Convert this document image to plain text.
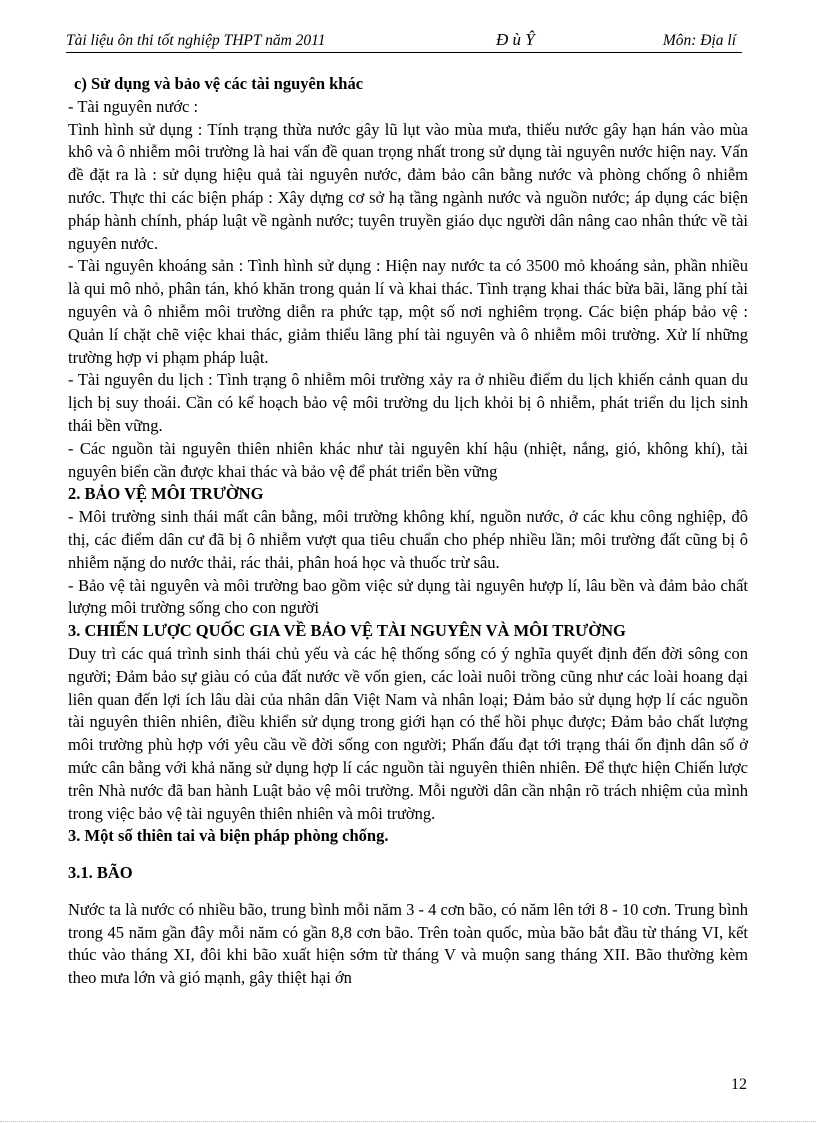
Tài liệu ôn thi tốt nghiệp THPT năm 2011	Đ ù Ŷ	Môn: Địa lí

c) Sử dụng và bảo vệ các tài nguyên khác

- Tài nguyên nước :

Tình hình sử dụng : Tính trạng thừa nước gây lũ lụt vào mùa mưa, thiếu nước gây hạn hán vào mùa khô và ô nhiễm môi trường là hai vấn đề quan trọng nhất trong sử dụng tài nguyên nước hiện nay. Vấn đề đặt ra là : sử dụng hiệu quả tài nguyên nước, đảm bảo cân bằng nước và phòng chống ô nhiễm nước. Thực thi các biện pháp : Xây dựng cơ sở hạ tầng ngành nước và nguồn nước; áp dụng các biện pháp hành chính, pháp luật về ngành nước; tuyên truyền giáo dục người dân nâng cao nhân thức về tài nguyên nước.

- Tài nguyên khoáng sản : Tình hình sử dụng : Hiện nay nước ta có 3500 mỏ khoáng sản, phần nhiều là qui mô nhỏ, phân tán, khó khăn trong quản lí và khai thác. Tình trạng khai thác bừa bãi, lãng phí tài nguyên và ô nhiễm môi trường diễn ra phức tạp, một số nơi nghiêm trọng. Các biện pháp bảo vệ : Quản lí chặt chẽ việc khai thác, giảm thiểu lãng phí tài nguyên và ô nhiễm môi trường. Xử lí những trường hợp vi phạm pháp luật.

- Tài nguyên du lịch : Tình trạng ô nhiễm môi trường xảy ra ở nhiều điểm du lịch khiến cảnh quan du lịch bị suy thoái. Cần có kế hoạch bảo vệ môi trường du lịch khỏi bị ô nhiễm, phát triển du lịch sinh thái bền vững.

- Các nguồn tài nguyên thiên nhiên khác như tài nguyên khí hậu (nhiệt, nắng, gió, không khí), tài nguyên biển cần được khai thác và bảo vệ để phát triển bền vững

2. BẢO VỆ MÔI TRƯỜNG

- Môi trường sinh thái mất cân bằng, môi trường không khí, nguồn nước, ở các khu công nghiệp, đô thị, các điểm dân cư đã bị ô nhiễm vượt qua tiêu chuẩn cho phép nhiều lần; môi trường đất cũng bị ô nhiễm nặng do nước thải, rác thải, phân hoá học và thuốc trừ sâu.

- Bảo vệ tài nguyên và môi trường bao gồm việc sử dụng tài nguyên hượp lí, lâu bền và đảm bảo chất lượng môi trường sống cho con người

3. CHIẾN LƯỢC QUỐC GIA VỀ BẢO VỆ TÀI NGUYÊN VÀ MÔI TRƯỜNG

Duy trì các quá trình sinh thái chủ yếu và các hệ thống sống có ý nghĩa quyết định đến đời sông con người; Đảm bảo sự giàu có của đất nước về vốn gien, các loài nuôi trồng cũng như các loài hoang dại liên quan đến lợi ích lâu dài của nhân dân Việt Nam và nhân loại; Đảm bảo sử dụng hợp lí các nguồn tài nguyên thiên nhiên, điều khiển sử dụng trong giới hạn có thể hồi phục được; Đảm bảo chất lượng môi trường phù hợp với yêu cầu về đời sống con người; Phấn đấu đạt tới trạng thái ổn định dân số ở mức cân bằng với khả năng sử dụng hợp lí các nguồn tài nguyên thiên nhiên. Để thực hiện Chiến lược trên Nhà nước đã ban hành Luật bảo vệ môi trường. Mỗi người dân cần nhận rõ trách nhiệm của mình trong việc bảo vệ tài nguyên thiên nhiên và môi trường.

3. Một số thiên tai và biện pháp phòng chống.

3.1. BÃO

Nước ta là nước có nhiều bão, trung bình mỗi năm 3 - 4 cơn bão, có năm lên tới 8 - 10 cơn. Trung bình trong 45 năm gần đây mỗi năm có gần 8,8 cơn bão. Trên toàn quốc, mùa bão bắt đầu từ tháng VI, kết thúc vào tháng XI, đôi khi bão xuất hiện sớm từ tháng V và muộn sang tháng XII. Bão thường kèm theo mưa lớn và gió mạnh, gây thiệt hại ớn

12
